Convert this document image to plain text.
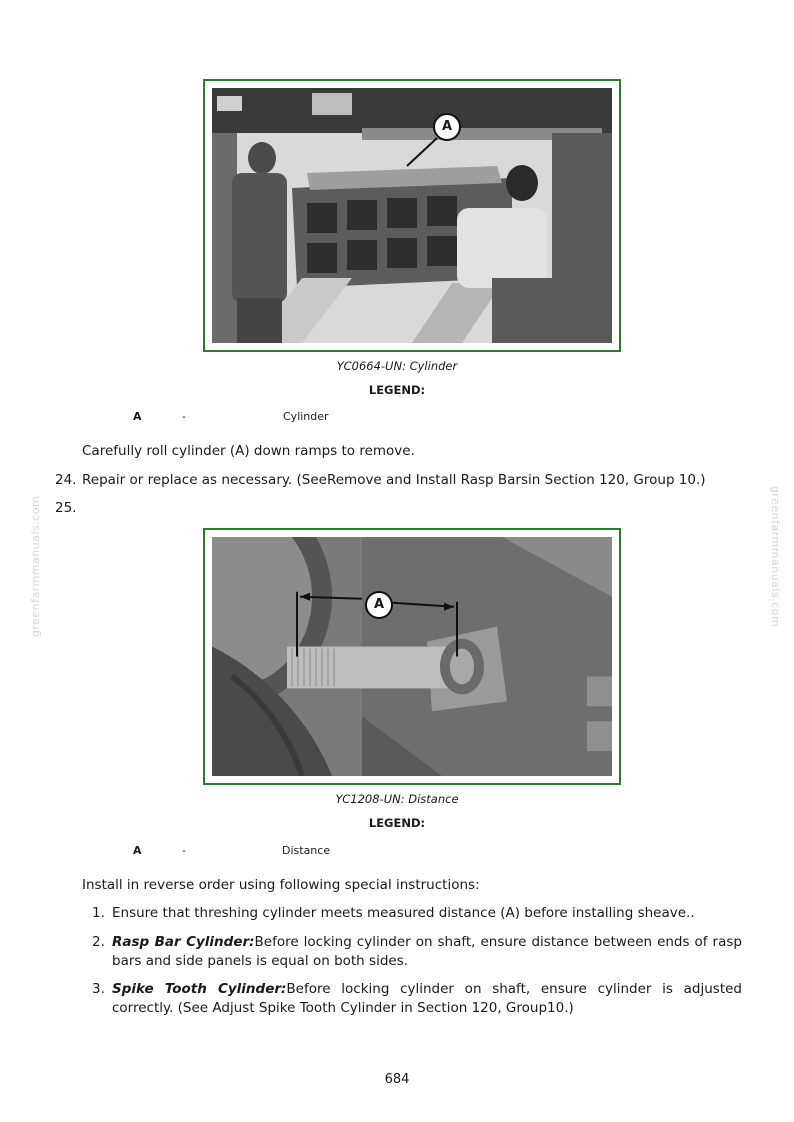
greenfarmmanuals.com	greenfarmmanuals.com
A
YC0664-UN: Cylinder
LEGEND:
A	-	Cylinder
Carefully roll cylinder (A) down ramps to remove.
24. Repair or replace as necessary. (SeeRemove and Install Rasp Barsin Section 120, Group 10.)
25.
A
YC1208-UN: Distance
LEGEND:
A	-	Distance
Install in reverse order using following special instructions:
1. Ensure that threshing cylinder meets measured distance (A) before installing sheave..
2. Rasp Bar Cylinder:Before locking cylinder on shaft, ensure distance between ends of rasp bars and side panels is equal on both sides.
3. Spike Tooth Cylinder:Before locking cylinder on shaft, ensure cylinder is adjusted correctly. (See Adjust Spike Tooth Cylinder in Section 120, Group10.)
684
